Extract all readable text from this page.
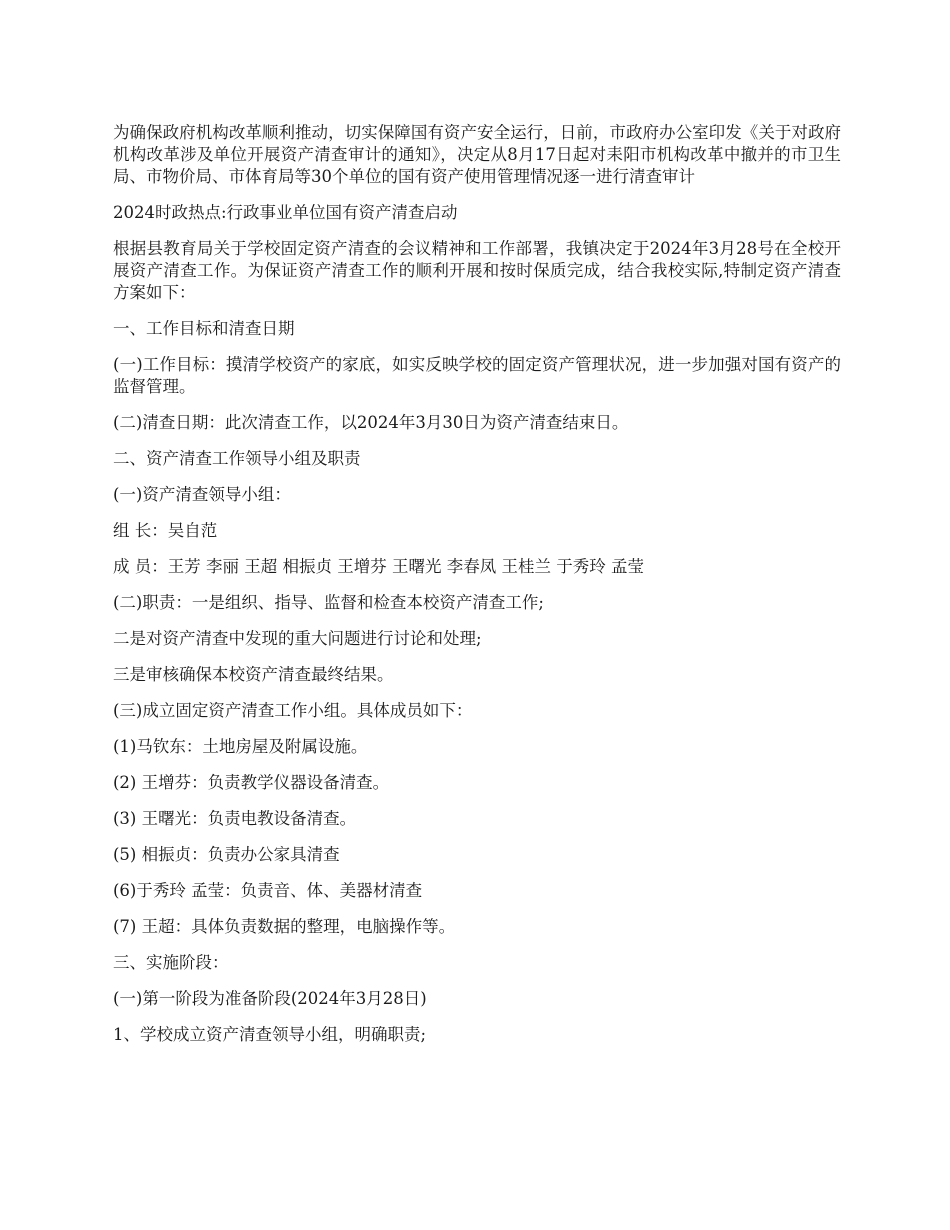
为确保政府机构改革顺利推动，切实保障国有资产安全运行，日前，市政府办公室印发《关于对政府机构改革涉及单位开展资产清查审计的通知》，决定从8月17日起对耒阳市机构改革中撤并的市卫生局、市物价局、市体育局等30个单位的国有资产使用管理情况逐一进行清查审计

2024时政热点:行政事业单位国有资产清查启动

根据县教育局关于学校固定资产清查的会议精神和工作部署，我镇决定于2024年3月28号在全校开展资产清查工作。为保证资产清查工作的顺利开展和按时保质完成，结合我校实际,特制定资产清查方案如下：

一、工作目标和清查日期

(一)工作目标：摸清学校资产的家底，如实反映学校的固定资产管理状况，进一步加强对国有资产的监督管理。

(二)清查日期：此次清查工作，以2024年3月30日为资产清查结束日。

二、资产清查工作领导小组及职责

(一)资产清查领导小组：

组 长：吴自范

成 员：王芳 李丽 王超 相振贞 王增芬 王曙光 李春凤 王桂兰 于秀玲 孟莹

(二)职责：一是组织、指导、监督和检查本校资产清查工作;

二是对资产清查中发现的重大问题进行讨论和处理;

三是审核确保本校资产清查最终结果。

(三)成立固定资产清查工作小组。具体成员如下：

(1)马钦东：土地房屋及附属设施。

(2) 王增芬：负责教学仪器设备清查。

(3) 王曙光：负责电教设备清查。

(5) 相振贞：负责办公家具清查

(6)于秀玲 孟莹：负责音、体、美器材清查

(7) 王超：具体负责数据的整理，电脑操作等。

三、实施阶段：

(一)第一阶段为准备阶段(2024年3月28日)

1、学校成立资产清查领导小组，明确职责;
